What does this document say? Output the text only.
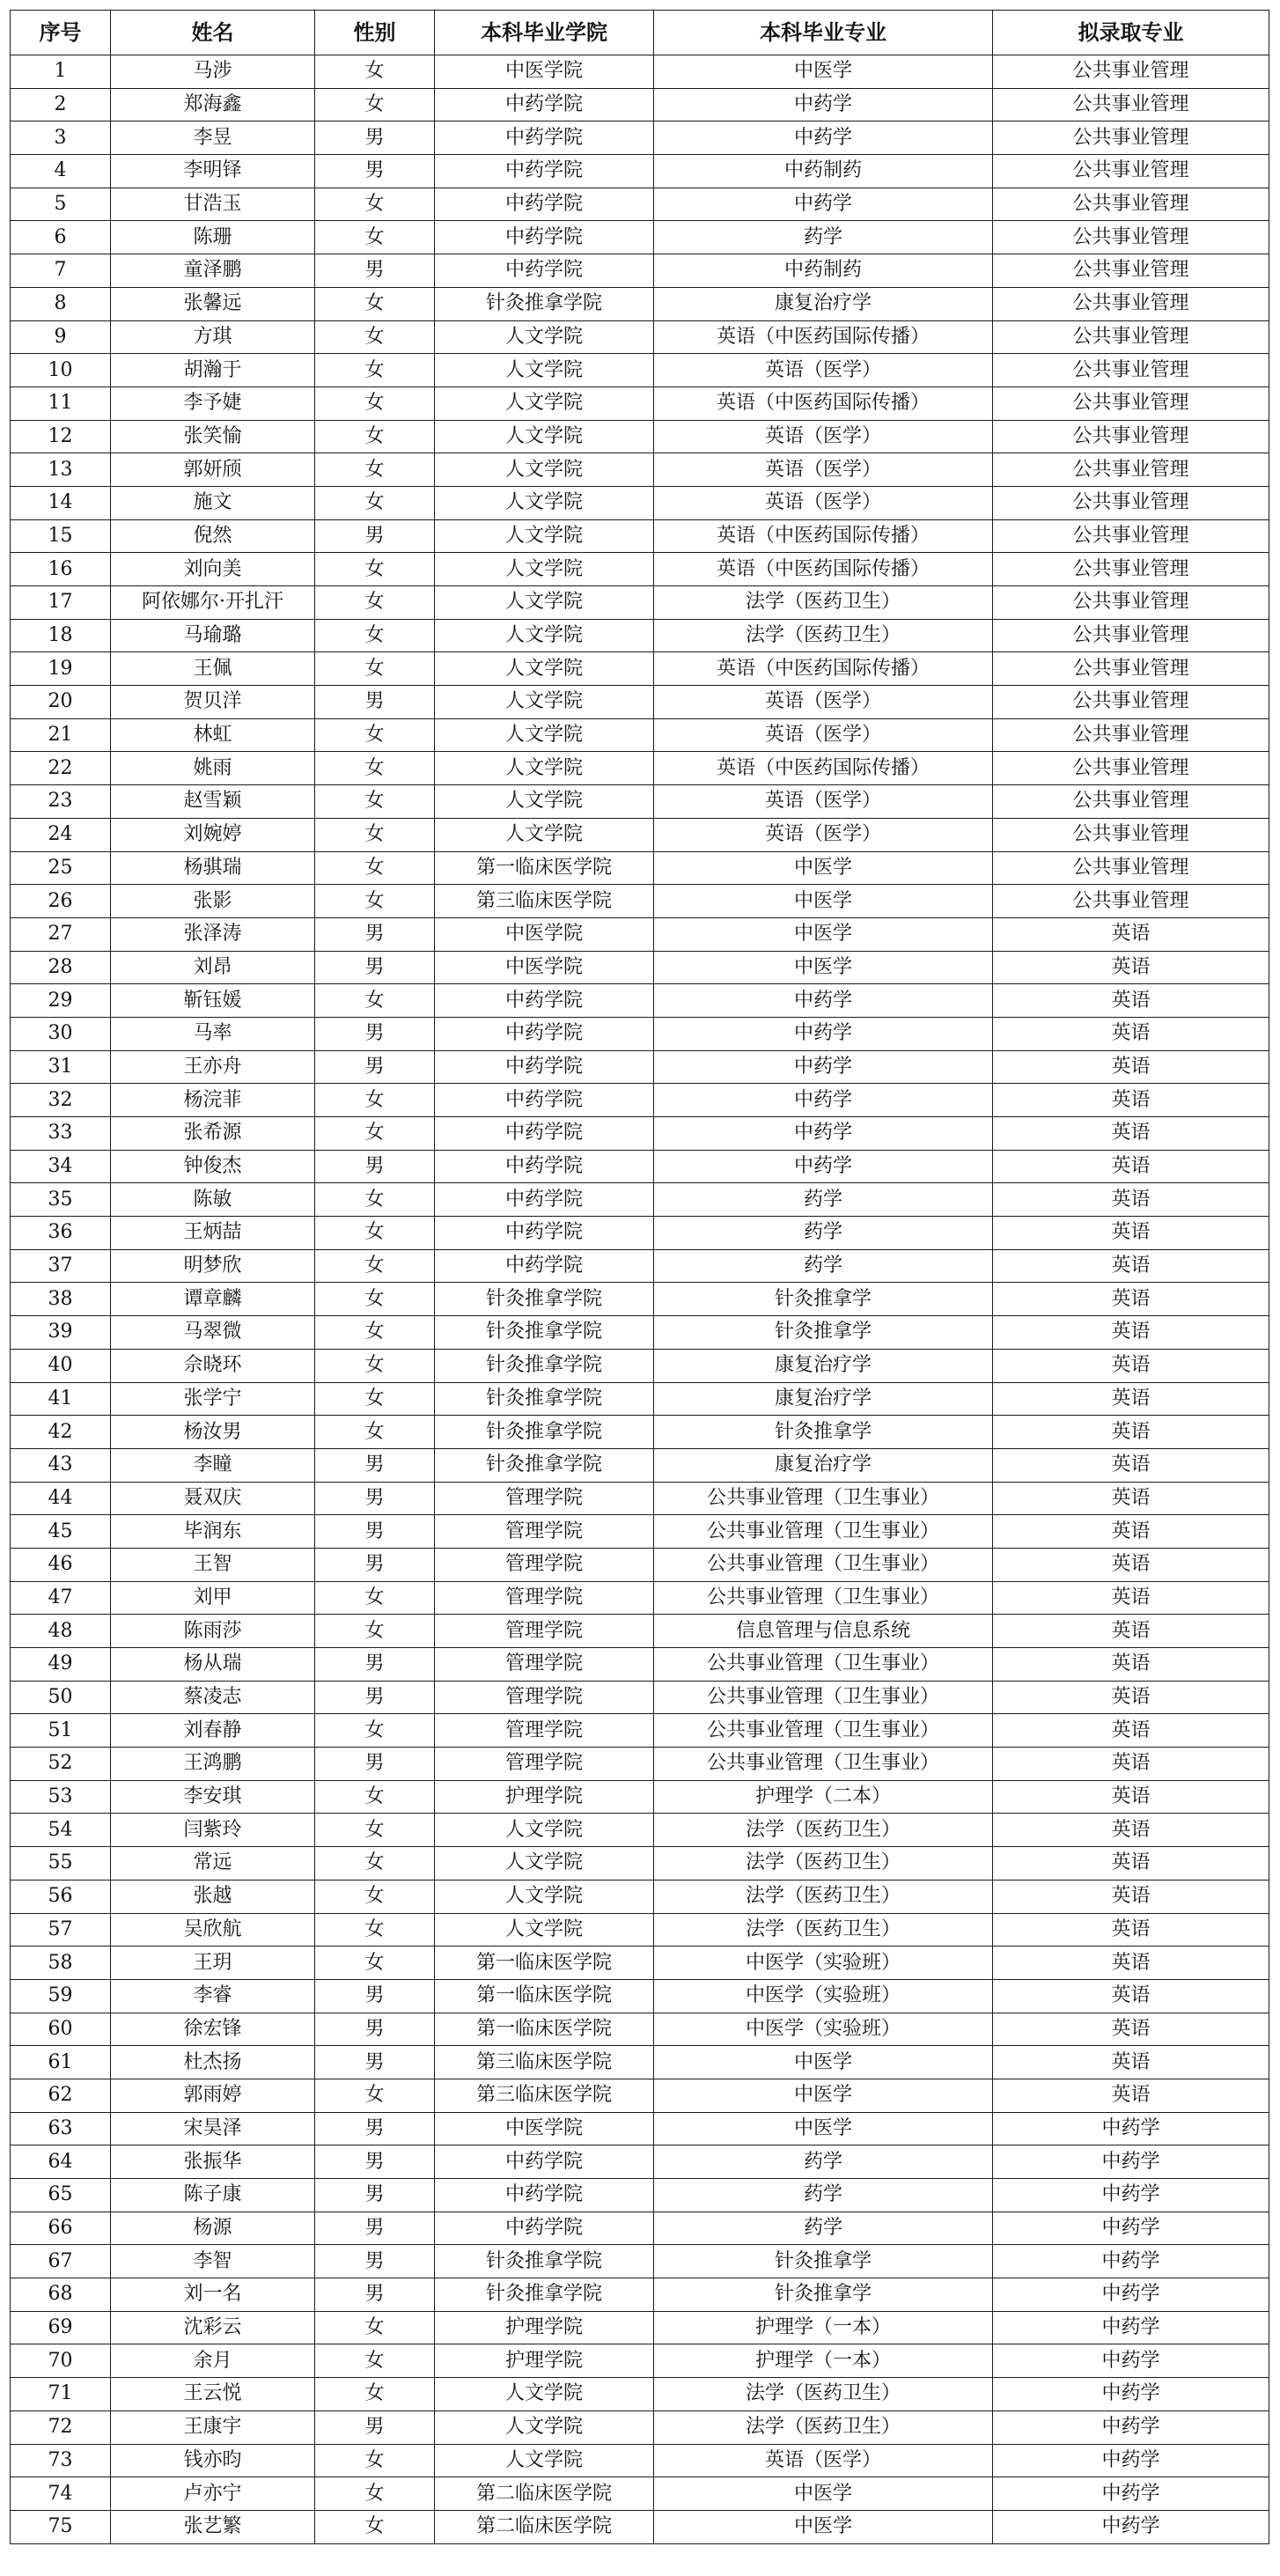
序号	姓名	性别	本科毕业学院	本科毕业专业	拟录取专业
1	马涉	女	中医学院	中医学	公共事业管理
2	郑海鑫	女	中药学院	中药学	公共事业管理
3	李昱	男	中药学院	中药学	公共事业管理
4	李明铎	男	中药学院	中药制药	公共事业管理
5	甘浩玉	女	中药学院	中药学	公共事业管理
6	陈珊	女	中药学院	药学	公共事业管理
7	童泽鹏	男	中药学院	中药制药	公共事业管理
8	张馨远	女	针灸推拿学院	康复治疗学	公共事业管理
9	方琪	女	人文学院	英语（中医药国际传播）	公共事业管理
10	胡瀚于	女	人文学院	英语（医学）	公共事业管理
11	李予婕	女	人文学院	英语（中医药国际传播）	公共事业管理
12	张笑愉	女	人文学院	英语（医学）	公共事业管理
13	郭妍颀	女	人文学院	英语（医学）	公共事业管理
14	施文	女	人文学院	英语（医学）	公共事业管理
15	倪然	男	人文学院	英语（中医药国际传播）	公共事业管理
16	刘向美	女	人文学院	英语（中医药国际传播）	公共事业管理
17	阿依娜尔·开扎汗	女	人文学院	法学（医药卫生）	公共事业管理
18	马瑜璐	女	人文学院	法学（医药卫生）	公共事业管理
19	王佩	女	人文学院	英语（中医药国际传播）	公共事业管理
20	贺贝洋	男	人文学院	英语（医学）	公共事业管理
21	林虹	女	人文学院	英语（医学）	公共事业管理
22	姚雨	女	人文学院	英语（中医药国际传播）	公共事业管理
23	赵雪颖	女	人文学院	英语（医学）	公共事业管理
24	刘婉婷	女	人文学院	英语（医学）	公共事业管理
25	杨骐瑞	女	第一临床医学院	中医学	公共事业管理
26	张影	女	第三临床医学院	中医学	公共事业管理
27	张泽涛	男	中医学院	中医学	英语
28	刘昂	男	中医学院	中医学	英语
29	靳钰媛	女	中药学院	中药学	英语
30	马率	男	中药学院	中药学	英语
31	王亦舟	男	中药学院	中药学	英语
32	杨浣菲	女	中药学院	中药学	英语
33	张希源	女	中药学院	中药学	英语
34	钟俊杰	男	中药学院	中药学	英语
35	陈敏	女	中药学院	药学	英语
36	王炳喆	女	中药学院	药学	英语
37	明梦欣	女	中药学院	药学	英语
38	谭章麟	女	针灸推拿学院	针灸推拿学	英语
39	马翠微	女	针灸推拿学院	针灸推拿学	英语
40	佘晓环	女	针灸推拿学院	康复治疗学	英语
41	张学宁	女	针灸推拿学院	康复治疗学	英语
42	杨汝男	女	针灸推拿学院	针灸推拿学	英语
43	李瞳	男	针灸推拿学院	康复治疗学	英语
44	聂双庆	男	管理学院	公共事业管理（卫生事业）	英语
45	毕润东	男	管理学院	公共事业管理（卫生事业）	英语
46	王智	男	管理学院	公共事业管理（卫生事业）	英语
47	刘甲	女	管理学院	公共事业管理（卫生事业）	英语
48	陈雨莎	女	管理学院	信息管理与信息系统	英语
49	杨从瑞	男	管理学院	公共事业管理（卫生事业）	英语
50	蔡凌志	男	管理学院	公共事业管理（卫生事业）	英语
51	刘春静	女	管理学院	公共事业管理（卫生事业）	英语
52	王鸿鹏	男	管理学院	公共事业管理（卫生事业）	英语
53	李安琪	女	护理学院	护理学（二本）	英语
54	闫紫玲	女	人文学院	法学（医药卫生）	英语
55	常远	女	人文学院	法学（医药卫生）	英语
56	张越	女	人文学院	法学（医药卫生）	英语
57	吴欣航	女	人文学院	法学（医药卫生）	英语
58	王玥	女	第一临床医学院	中医学（实验班）	英语
59	李睿	男	第一临床医学院	中医学（实验班）	英语
60	徐宏锋	男	第一临床医学院	中医学（实验班）	英语
61	杜杰扬	男	第三临床医学院	中医学	英语
62	郭雨婷	女	第三临床医学院	中医学	英语
63	宋昊泽	男	中医学院	中医学	中药学
64	张振华	男	中药学院	药学	中药学
65	陈子康	男	中药学院	药学	中药学
66	杨源	男	中药学院	药学	中药学
67	李智	男	针灸推拿学院	针灸推拿学	中药学
68	刘一名	男	针灸推拿学院	针灸推拿学	中药学
69	沈彩云	女	护理学院	护理学（一本）	中药学
70	余月	女	护理学院	护理学（一本）	中药学
71	王云悦	女	人文学院	法学（医药卫生）	中药学
72	王康宇	男	人文学院	法学（医药卫生）	中药学
73	钱亦昀	女	人文学院	英语（医学）	中药学
74	卢亦宁	女	第二临床医学院	中医学	中药学
75	张艺繁	女	第二临床医学院	中医学	中药学
